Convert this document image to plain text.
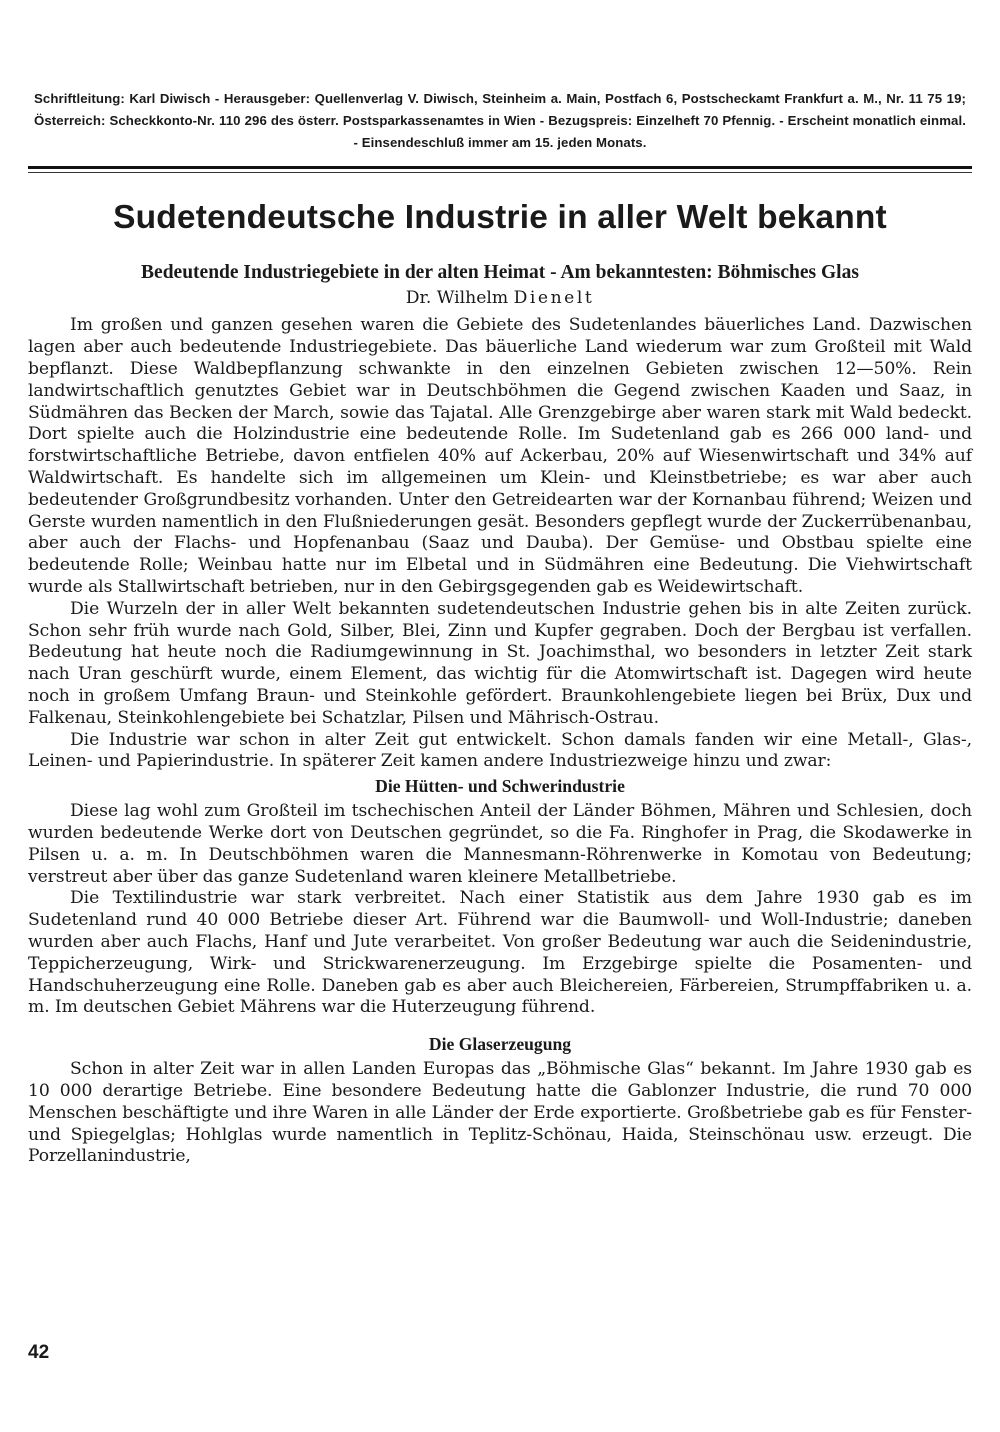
Schriftleitung: Karl Diwisch - Herausgeber: Quellenverlag V. Diwisch, Steinheim a. Main, Postfach 6, Postscheckamt Frankfurt a. M., Nr. 11 75 19; Österreich: Scheckkonto-Nr. 110 296 des österr. Postsparkassenamtes in Wien - Bezugspreis: Einzelheft 70 Pfennig. - Erscheint monatlich einmal. - Einsendeschluß immer am 15. jeden Monats.
Sudetendeutsche Industrie in aller Welt bekannt
Bedeutende Industriegebiete in der alten Heimat - Am bekanntesten: Böhmisches Glas
Dr. Wilhelm Dienelt

Im großen und ganzen gesehen waren die Gebiete des Sudetenlandes bäuerliches Land. Dazwischen lagen aber auch bedeutende Industriegebiete. Das bäuerliche Land wiederum war zum Großteil mit Wald bepflanzt. Diese Waldbepflanzung schwankte in den einzelnen Gebieten zwischen 12—50%. Rein landwirtschaftlich genutztes Gebiet war in Deutschböhmen die Gegend zwischen Kaaden und Saaz, in Südmähren das Becken der March, sowie das Tajatal. Alle Grenzgebirge aber waren stark mit Wald bedeckt. Dort spielte auch die Holzindustrie eine bedeutende Rolle. Im Sudetenland gab es 266 000 land- und forstwirtschaftliche Betriebe, davon entfielen 40% auf Ackerbau, 20% auf Wiesenwirtschaft und 34% auf Waldwirtschaft. Es handelte sich im allgemeinen um Klein- und Kleinstbetriebe; es war aber auch bedeutender Großgrundbesitz vorhanden. Unter den Getreidearten war der Kornanbau führend; Weizen und Gerste wurden namentlich in den Flußniederungen gesät. Besonders gepflegt wurde der Zuckerrübenanbau, aber auch der Flachs- und Hopfenanbau (Saaz und Dauba). Der Gemüse- und Obstbau spielte eine bedeutende Rolle; Weinbau hatte nur im Elbetal und in Südmähren eine Bedeutung. Die Viehwirtschaft wurde als Stallwirtschaft betrieben, nur in den Gebirgsgegenden gab es Weidewirtschaft.

Die Wurzeln der in aller Welt bekannten sudetendeutschen Industrie gehen bis in alte Zeiten zurück. Schon sehr früh wurde nach Gold, Silber, Blei, Zinn und Kupfer gegraben. Doch der Bergbau ist verfallen. Bedeutung hat heute noch die Radiumgewinnung in St. Joachimsthal, wo besonders in letzter Zeit stark nach Uran geschürft wurde, einem Element, das wichtig für die Atomwirtschaft ist. Dagegen wird heute noch in großem Umfang Braun- und Steinkohle gefördert. Braunkohlengebiete liegen bei Brüx, Dux und Falkenau, Steinkohlengebiete bei Schatzlar, Pilsen und Mährisch-Ostrau.

Die Industrie war schon in alter Zeit gut entwickelt. Schon damals fanden wir eine Metall-, Glas-, Leinen- und Papierindustrie. In späterer Zeit kamen andere Industriezweige hinzu und zwar:

Die Hütten- und Schwerindustrie

Diese lag wohl zum Großteil im tschechischen Anteil der Länder Böhmen, Mähren und Schlesien, doch wurden bedeutende Werke dort von Deutschen gegründet, so die Fa. Ringhofer in Prag, die Skodawerke in Pilsen u. a. m. In Deutschböhmen waren die Mannesmann-Röhrenwerke in Komotau von Bedeutung; verstreut aber über das ganze Sudetenland waren kleinere Metallbetriebe.

Die Textilindustrie war stark verbreitet. Nach einer Statistik aus dem Jahre 1930 gab es im Sudetenland rund 40 000 Betriebe dieser Art. Führend war die Baumwoll- und Woll-Industrie; daneben wurden aber auch Flachs, Hanf und Jute verarbeitet. Von großer Bedeutung war auch die Seidenindustrie, Teppicherzeugung, Wirk- und Strickwarenerzeugung. Im Erzgebirge spielte die Posamenten- und Handschuherzeugung eine Rolle. Daneben gab es aber auch Bleichereien, Färbereien, Strumpffabriken u. a. m. Im deutschen Gebiet Mährens war die Huterzeugung führend.

Die Glaserzeugung

Schon in alter Zeit war in allen Landen Europas das „Böhmische Glas“ bekannt. Im Jahre 1930 gab es 10 000 derartige Betriebe. Eine besondere Bedeutung hatte die Gablonzer Industrie, die rund 70 000 Menschen beschäftigte und ihre Waren in alle Länder der Erde exportierte. Großbetriebe gab es für Fenster- und Spiegelglas; Hohlglas wurde namentlich in Teplitz-Schönau, Haida, Steinschönau usw. erzeugt. Die Porzellanindustrie,

42
